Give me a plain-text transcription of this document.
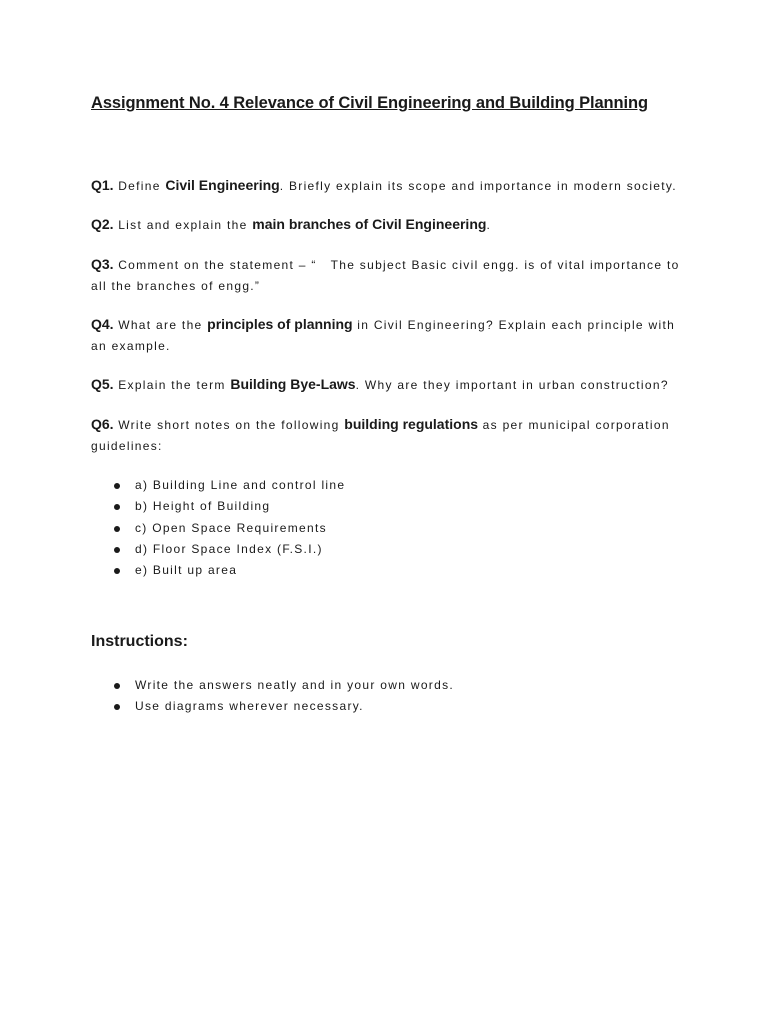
Assignment No. 4 Relevance of Civil Engineering and Building Planning
Q1. Define Civil Engineering. Briefly explain its scope and importance in modern society.
Q2. List and explain the main branches of Civil Engineering.
Q3. Comment on the statement – “   The subject Basic civil engg. is of vital importance to all the branches of engg.”
Q4. What are the principles of planning in Civil Engineering? Explain each principle with an example.
Q5. Explain the term Building Bye-Laws. Why are they important in urban construction?
Q6. Write short notes on the following building regulations as per municipal corporation guidelines:
a) Building Line and control line
b) Height of Building
c) Open Space Requirements
d) Floor Space Index (F.S.I.)
e) Built up area
Instructions:
Write the answers neatly and in your own words.
Use diagrams wherever necessary.
